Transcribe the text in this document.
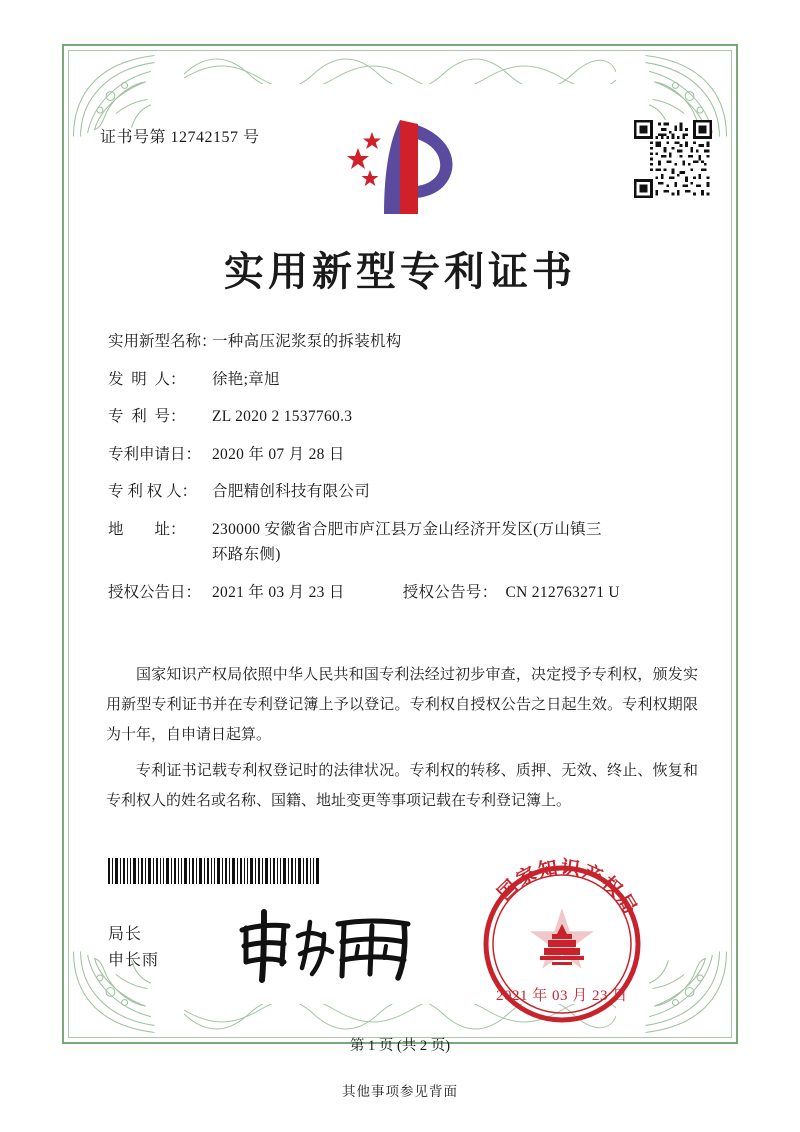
证书号第 12742157 号
实用新型专利证书
实用新型名称：
一种高压泥浆泵的拆装机构
发  明  人：	徐艳;章旭
专  利  号：	ZL 2020 2 1537760.3
专利申请日： 2020 年 07 月 28 日
专 利 权 人： 合肥精创科技有限公司
地        址：	230000 安徽省合肥市庐江县万金山经济开发区(万山镇三
环路东侧)
授权公告日： 2021 年 03 月 23 日	授权公告号： CN 212763271 U

国家知识产权局依照中华人民共和国专利法经过初步审查，决定授予专利权，颁发实用新型专利证书并在专利登记簿上予以登记。专利权自授权公告之日起生效。专利权期限为十年，自申请日起算。

专利证书记载专利权登记时的法律状况。专利权的转移、质押、无效、终止、恢复和专利权人的姓名或名称、国籍、地址变更等事项记载在专利登记簿上。

局长
申长雨
国家知识产权局
2021 年 03 月 23 日
第 1 页 (共 2 页)
其他事项参见背面
